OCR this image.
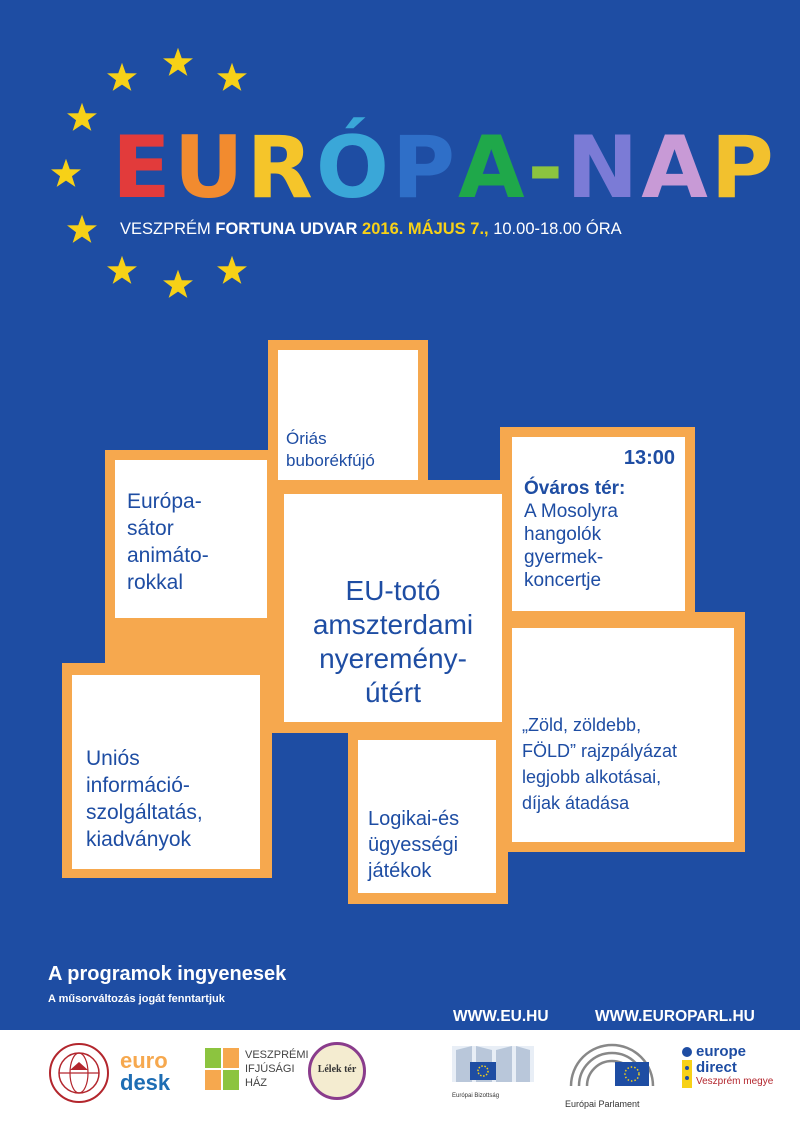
EURÓPA-NAP
VESZPRÉM FORTUNA UDVAR 2016. MÁJUS 7., 10.00-18.00 ÓRA
Óriás
buborékfújó
Európa-
sátor
animáto-
rokkal	EU-totó
amszterdami
nyeremény-
útért
13:00
Óváros tér:
A Mosolyra
hangolók
gyermek-
koncertje
„Zöld, zöldebb,
FÖLD” rajzpályázat
legjobb alkotásai,
díjak átadása
Uniós
információ-
szolgáltatás,
kiadványok
Logikai-és
ügyességi
játékok
A programok ingyenesek
A műsorváltozás jogát fenntartjuk
WWW.EU.HU	WWW.EUROPARL.HU
euro
desk
VESZPRÉMI
IFJÚSÁGI
HÁZ
Lélek tér
Európai Bizottság
Európai Parlament
europe
direct
Veszprém megye
